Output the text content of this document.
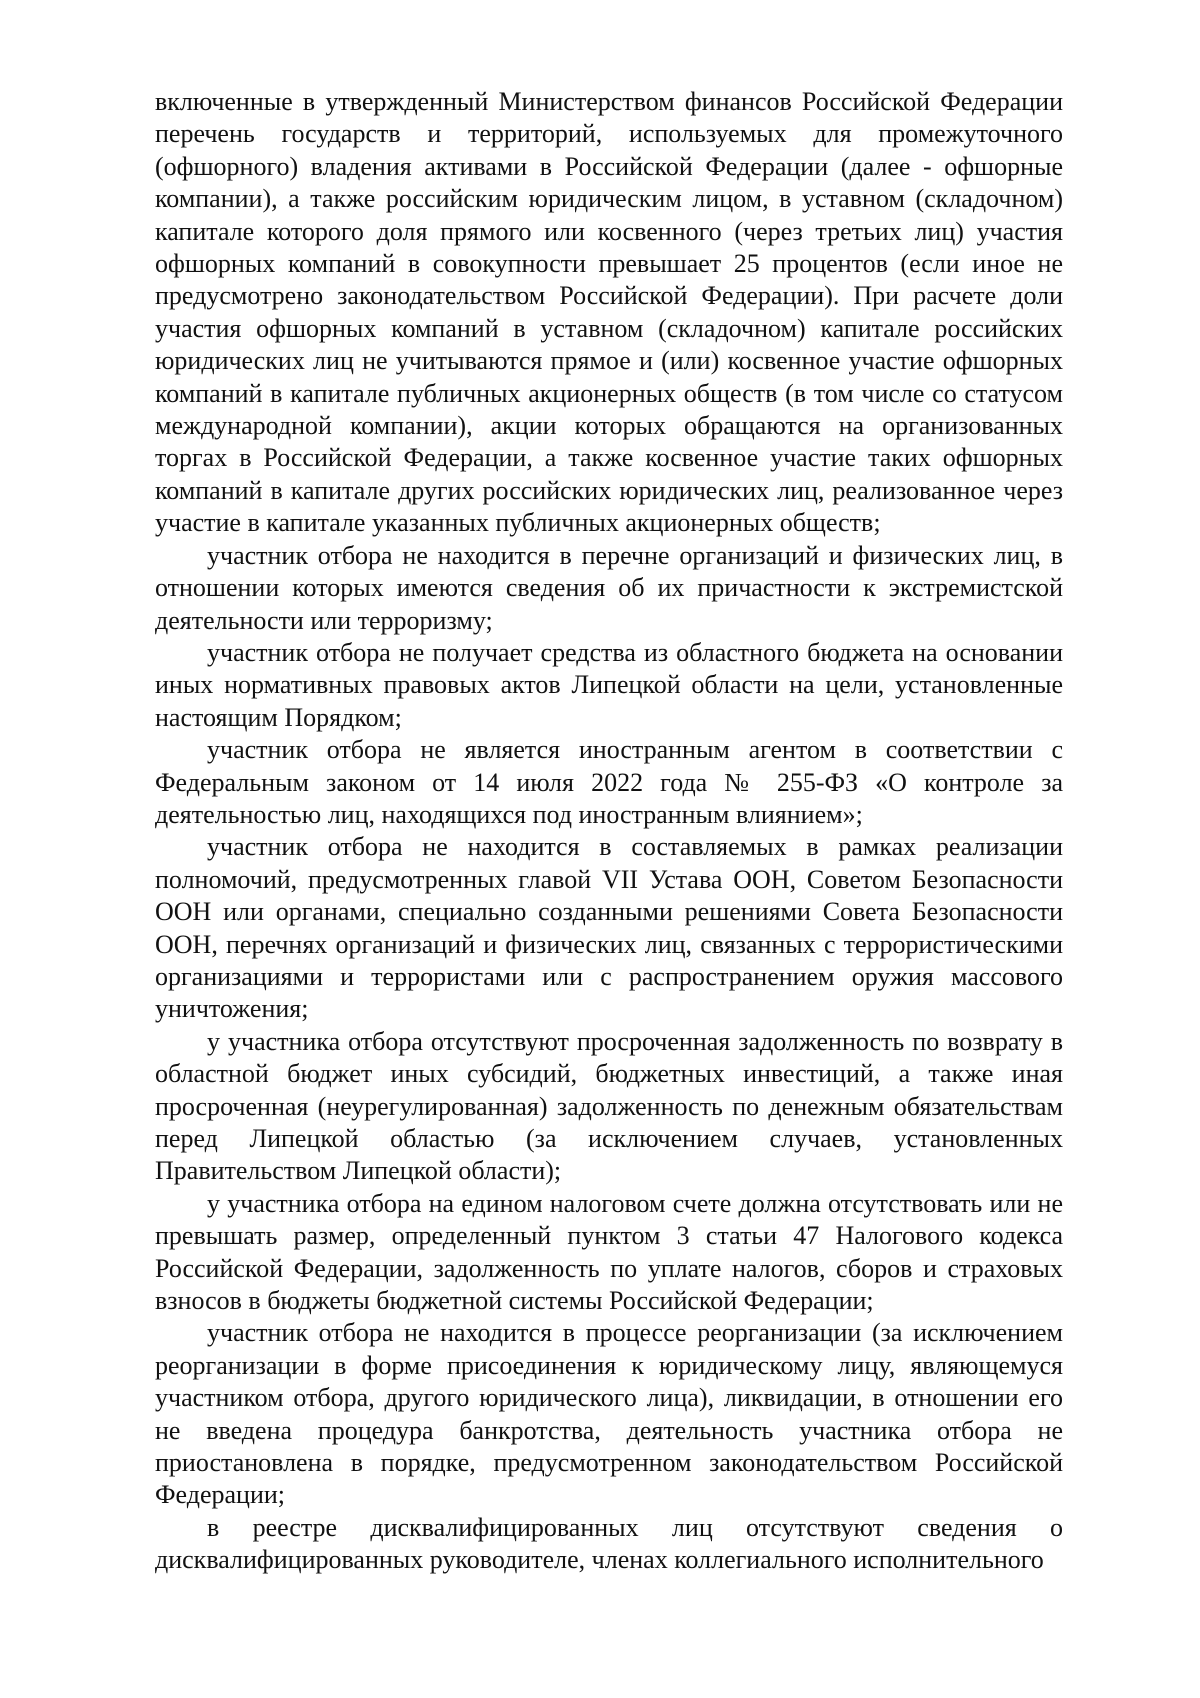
включенные в утвержденный Министерством финансов Российской Федерации перечень государств и территорий, используемых для промежуточного (офшорного) владения активами в Российской Федерации (далее - офшорные компании), а также российским юридическим лицом, в уставном (складочном) капитале которого доля прямого или косвенного (через третьих лиц) участия офшорных компаний в совокупности превышает 25 процентов (если иное не предусмотрено законодательством Российской Федерации). При расчете доли участия офшорных компаний в уставном (складочном) капитале российских юридических лиц не учитываются прямое и (или) косвенное участие офшорных компаний в капитале публичных акционерных обществ (в том числе со статусом международной компании), акции которых обращаются на организованных торгах в Российской Федерации, а также косвенное участие таких офшорных компаний в капитале других российских юридических лиц, реализованное через участие в капитале указанных публичных акционерных обществ;

участник отбора не находится в перечне организаций и физических лиц, в отношении которых имеются сведения об их причастности к экстремистской деятельности или терроризму;

участник отбора не получает средства из областного бюджета на основании иных нормативных правовых актов Липецкой области на цели, установленные настоящим Порядком;

участник отбора не является иностранным агентом в соответствии с Федеральным законом от 14 июля 2022 года № 255-ФЗ «О контроле за деятельностью лиц, находящихся под иностранным влиянием»;

участник отбора не находится в составляемых в рамках реализации полномочий, предусмотренных главой VII Устава ООН, Советом Безопасности ООН или органами, специально созданными решениями Совета Безопасности ООН, перечнях организаций и физических лиц, связанных с террористическими организациями и террористами или с распространением оружия массового уничтожения;

у участника отбора отсутствуют просроченная задолженность по возврату в областной бюджет иных субсидий, бюджетных инвестиций, а также иная просроченная (неурегулированная) задолженность по денежным обязательствам перед Липецкой областью (за исключением случаев, установленных Правительством Липецкой области);

у участника отбора на едином налоговом счете должна отсутствовать или не превышать размер, определенный пунктом 3 статьи 47 Налогового кодекса Российской Федерации, задолженность по уплате налогов, сборов и страховых взносов в бюджеты бюджетной системы Российской Федерации;

участник отбора не находится в процессе реорганизации (за исключением реорганизации в форме присоединения к юридическому лицу, являющемуся участником отбора, другого юридического лица), ликвидации, в отношении его не введена процедура банкротства, деятельность участника отбора не приостановлена в порядке, предусмотренном законодательством Российской Федерации;

в реестре дисквалифицированных лиц отсутствуют сведения о дисквалифицированных руководителе, членах коллегиального исполнительного
